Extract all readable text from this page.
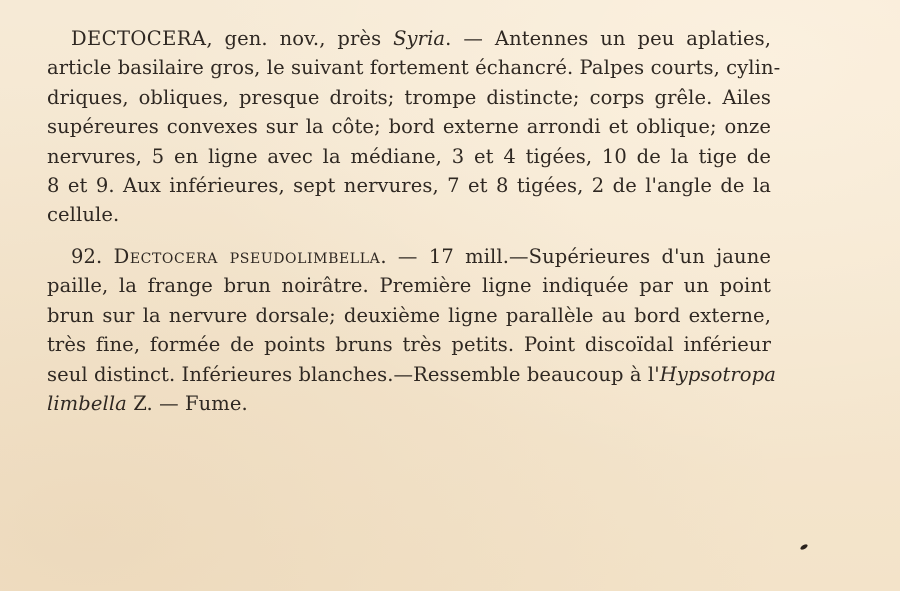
DECTOCERA, gen. nov., près Syria. — Antennes un peu aplaties,
article basilaire gros, le suivant fortement échancré. Palpes courts, cylin-
driques, obliques, presque droits; trompe distincte; corps grêle. Ailes
supéreures convexes sur la côte; bord externe arrondi et oblique; onze
nervures, 5 en ligne avec la médiane, 3 et 4 tigées, 10 de la tige de
8 et 9. Aux inférieures, sept nervures, 7 et 8 tigées, 2 de l'angle de la
cellule.
92. Dectocera pseudolimbella. — 17 mill.—Supérieures d'un jaune
paille, la frange brun noirâtre. Première ligne indiquée par un point
brun sur la nervure dorsale; deuxième ligne parallèle au bord externe,
très fine, formée de points bruns très petits. Point discoïdal inférieur
seul distinct. Inférieures blanches.—Ressemble beaucoup à l'Hypsotropa
limbella Z. — Fume.
